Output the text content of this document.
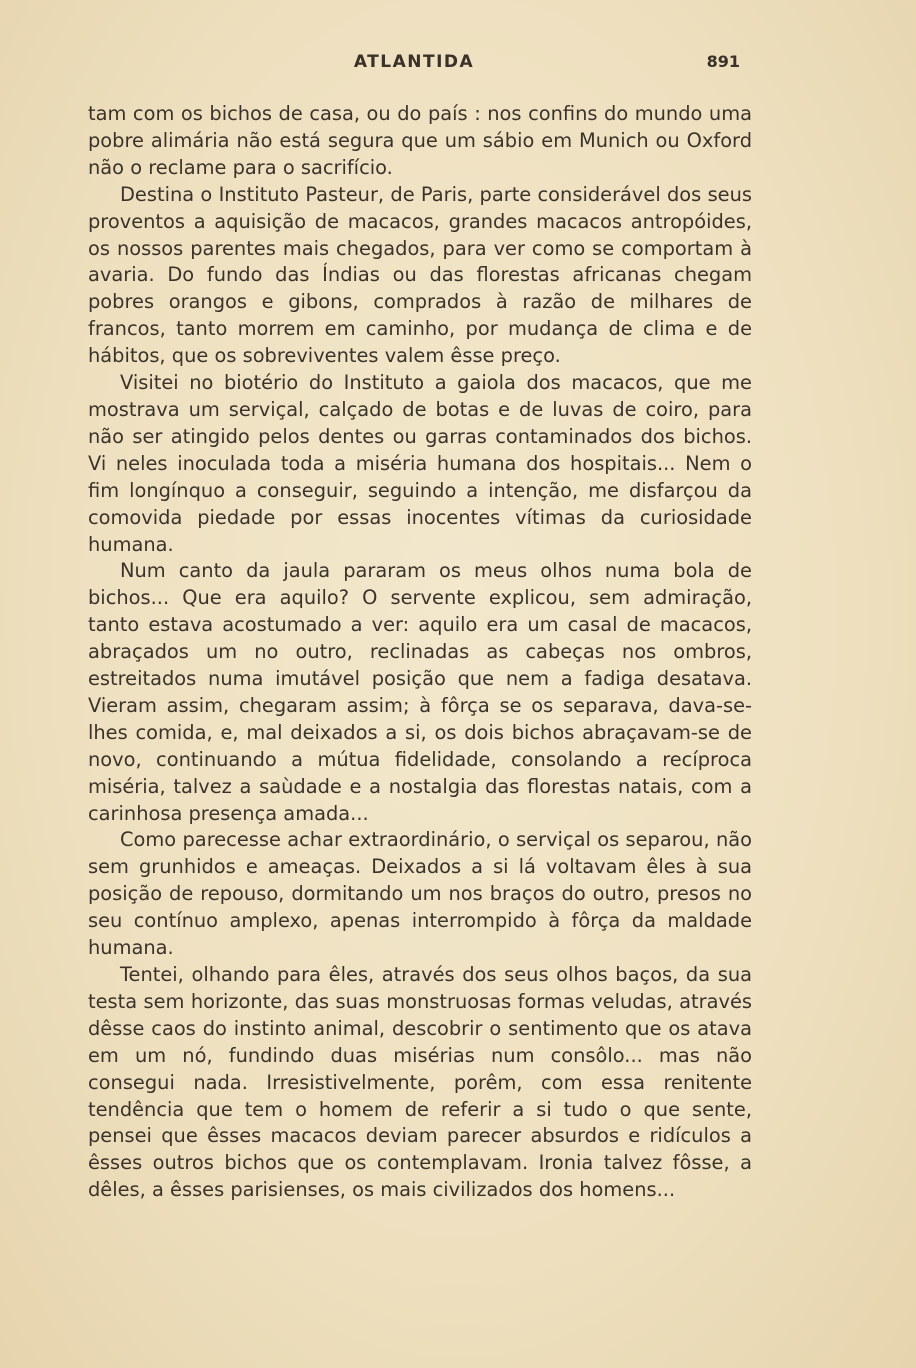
ATLANTIDA	891

tam com os bichos de casa, ou do país : nos confins do mundo uma pobre alimária não está segura que um sábio em Munich ou Oxford não o reclame para o sacrifício.

Destina o Instituto Pasteur, de Paris, parte considerável dos seus proventos a aquisição de macacos, grandes macacos antropóides, os nossos parentes mais chegados, para ver como se comportam à avaria. Do fundo das Índias ou das florestas africanas chegam pobres orangos e gibons, comprados à razão de milhares de francos, tanto morrem em caminho, por mudança de clima e de hábitos, que os sobreviventes valem êsse preço.

Visitei no biotério do Instituto a gaiola dos macacos, que me mostrava um serviçal, calçado de botas e de luvas de coiro, para não ser atingido pelos dentes ou garras contaminados dos bichos. Vi neles inoculada toda a miséria humana dos hospitais... Nem o fim longínquo a conseguir, seguindo a intenção, me disfarçou da comovida piedade por essas inocentes vítimas da curiosidade humana.

Num canto da jaula pararam os meus olhos numa bola de bichos... Que era aquilo? O servente explicou, sem admiração, tanto estava acostumado a ver: aquilo era um casal de macacos, abraçados um no outro, reclinadas as cabeças nos ombros, estreitados numa imutável posição que nem a fadiga desatava. Vieram assim, chegaram assim; à fôrça se os separava, dava-se-lhes comida, e, mal deixados a si, os dois bichos abraçavam-se de novo, continuando a mútua fidelidade, consolando a recíproca miséria, talvez a saùdade e a nostalgia das florestas natais, com a carinhosa presença amada...

Como parecesse achar extraordinário, o serviçal os separou, não sem grunhidos e ameaças. Deixados a si lá voltavam êles à sua posição de repouso, dormitando um nos braços do outro, presos no seu contínuo amplexo, apenas interrompido à fôrça da maldade humana.

Tentei, olhando para êles, através dos seus olhos baços, da sua testa sem horizonte, das suas monstruosas formas veludas, através dêsse caos do instinto animal, descobrir o sentimento que os atava em um nó, fundindo duas misérias num consôlo... mas não consegui nada. Irresistivelmente, porêm, com essa renitente tendência que tem o homem de referir a si tudo o que sente, pensei que êsses macacos deviam parecer absurdos e ridículos a êsses outros bichos que os contemplavam. Ironia talvez fôsse, a dêles, a êsses parisienses, os mais civilizados dos homens...
